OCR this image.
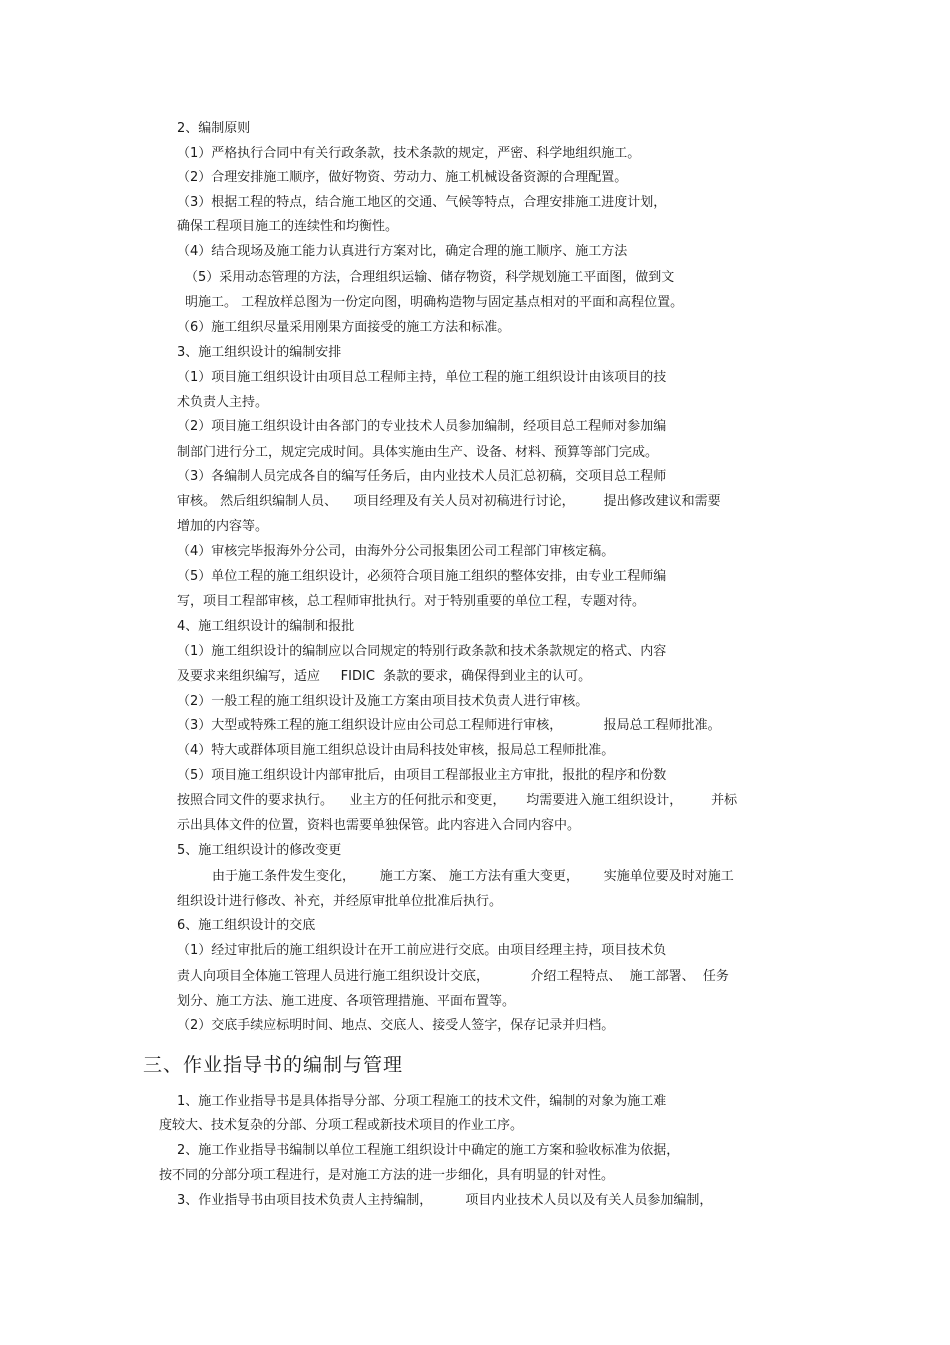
2、编制原则
（1）严格执行合同中有关行政条款，技术条款的规定，严密、科学地组织施工。
（2）合理安排施工顺序，做好物资、劳动力、施工机械设备资源的合理配置。
（3）根据工程的特点，结合施工地区的交通、气候等特点，合理安排施工进度计划，
确保工程项目施工的连续性和均衡性。
（4）结合现场及施工能力认真进行方案对比，确定合理的施工顺序、施工方法
（5）采用动态管理的方法，合理组织运输、储存物资，科学规划施工平面图，做到文
明施工。 工程放样总图为一份定向图，明确构造物与固定基点相对的平面和高程位置。
（6）施工组织尽量采用刚果方面接受的施工方法和标准。
3、施工组织设计的编制安排
（1）项目施工组织设计由项目总工程师主持，单位工程的施工组织设计由该项目的技
术负责人主持。
（2）项目施工组织设计由各部门的专业技术人员参加编制，经项目总工程师对参加编
制部门进行分工，规定完成时间。具体实施由生产、设备、材料、预算等部门完成。
（3）各编制人员完成各自的编写任务后，由内业技术人员汇总初稿，交项目总工程师
审核。 然后组织编制人员、    项目经理及有关人员对初稿进行讨论，       提出修改建议和需要
增加的内容等。
（4）审核完毕报海外分公司，由海外分公司报集团公司工程部门审核定稿。
（5）单位工程的施工组织设计，必须符合项目施工组织的整体安排，由专业工程师编
写，项目工程部审核，总工程师审批执行。对于特别重要的单位工程，专题对待。
4、施工组织设计的编制和报批
（1）施工组织设计的编制应以合同规定的特别行政条款和技术条款规定的格式、内容
及要求来组织编写，适应     FIDIC  条款的要求，确保得到业主的认可。
（2）一般工程的施工组织设计及施工方案由项目技术负责人进行审核。
（3）大型或特殊工程的施工组织设计应由公司总工程师进行审核，          报局总工程师批准。
（4）特大或群体项目施工组织总设计由局科技处审核，报局总工程师批准。
（5）项目施工组织设计内部审批后，由项目工程部报业主方审批，报批的程序和份数
按照合同文件的要求执行。    业主方的任何批示和变更，     均需要进入施工组织设计，       并标
示出具体文件的位置，资料也需要单独保管。此内容进入合同内容中。
5、施工组织设计的修改变更
由于施工条件发生变化，      施工方案、 施工方法有重大变更，      实施单位要及时对施工
组织设计进行修改、补充，并经原审批单位批准后执行。
6、施工组织设计的交底
（1）经过审批后的施工组织设计在开工前应进行交底。由项目经理主持，项目技术负
责人向项目全体施工管理人员进行施工组织设计交底，          介绍工程特点、  施工部署、  任务
划分、施工方法、施工进度、各项管理措施、平面布置等。
（2）交底手续应标明时间、地点、交底人、接受人签字，保存记录并归档。
三、作业指导书的编制与管理
1、施工作业指导书是具体指导分部、分项工程施工的技术文件，编制的对象为施工难
度较大、技术复杂的分部、分项工程或新技术项目的作业工序。
2、施工作业指导书编制以单位工程施工组织设计中确定的施工方案和验收标准为依据，
按不同的分部分项工程进行，是对施工方法的进一步细化，具有明显的针对性。
3、作业指导书由项目技术负责人主持编制，        项目内业技术人员以及有关人员参加编制，
